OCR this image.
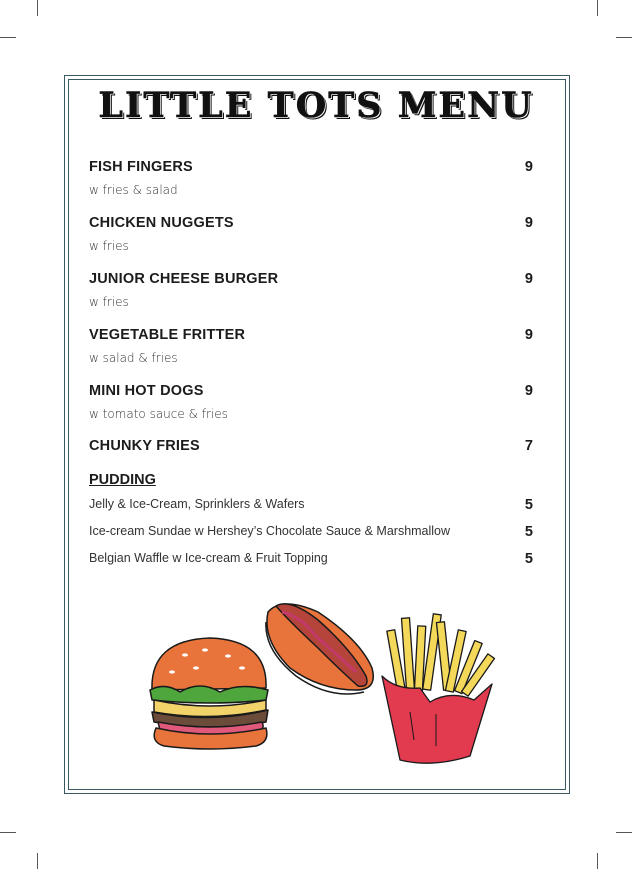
LITTLE TOTS MENU
FISH FINGERS	9
w fries & salad
CHICKEN NUGGETS	9
w fries
JUNIOR CHEESE BURGER	9
w fries
VEGETABLE FRITTER	9
w salad & fries
MINI HOT DOGS	9
w tomato sauce & fries
CHUNKY FRIES	7
PUDDING
Jelly & Ice-Cream, Sprinklers & Wafers	5
Ice-cream Sundae w Hershey’s Chocolate Sauce & Marshmallow	5
Belgian Waffle w Ice-cream & Fruit Topping	5
